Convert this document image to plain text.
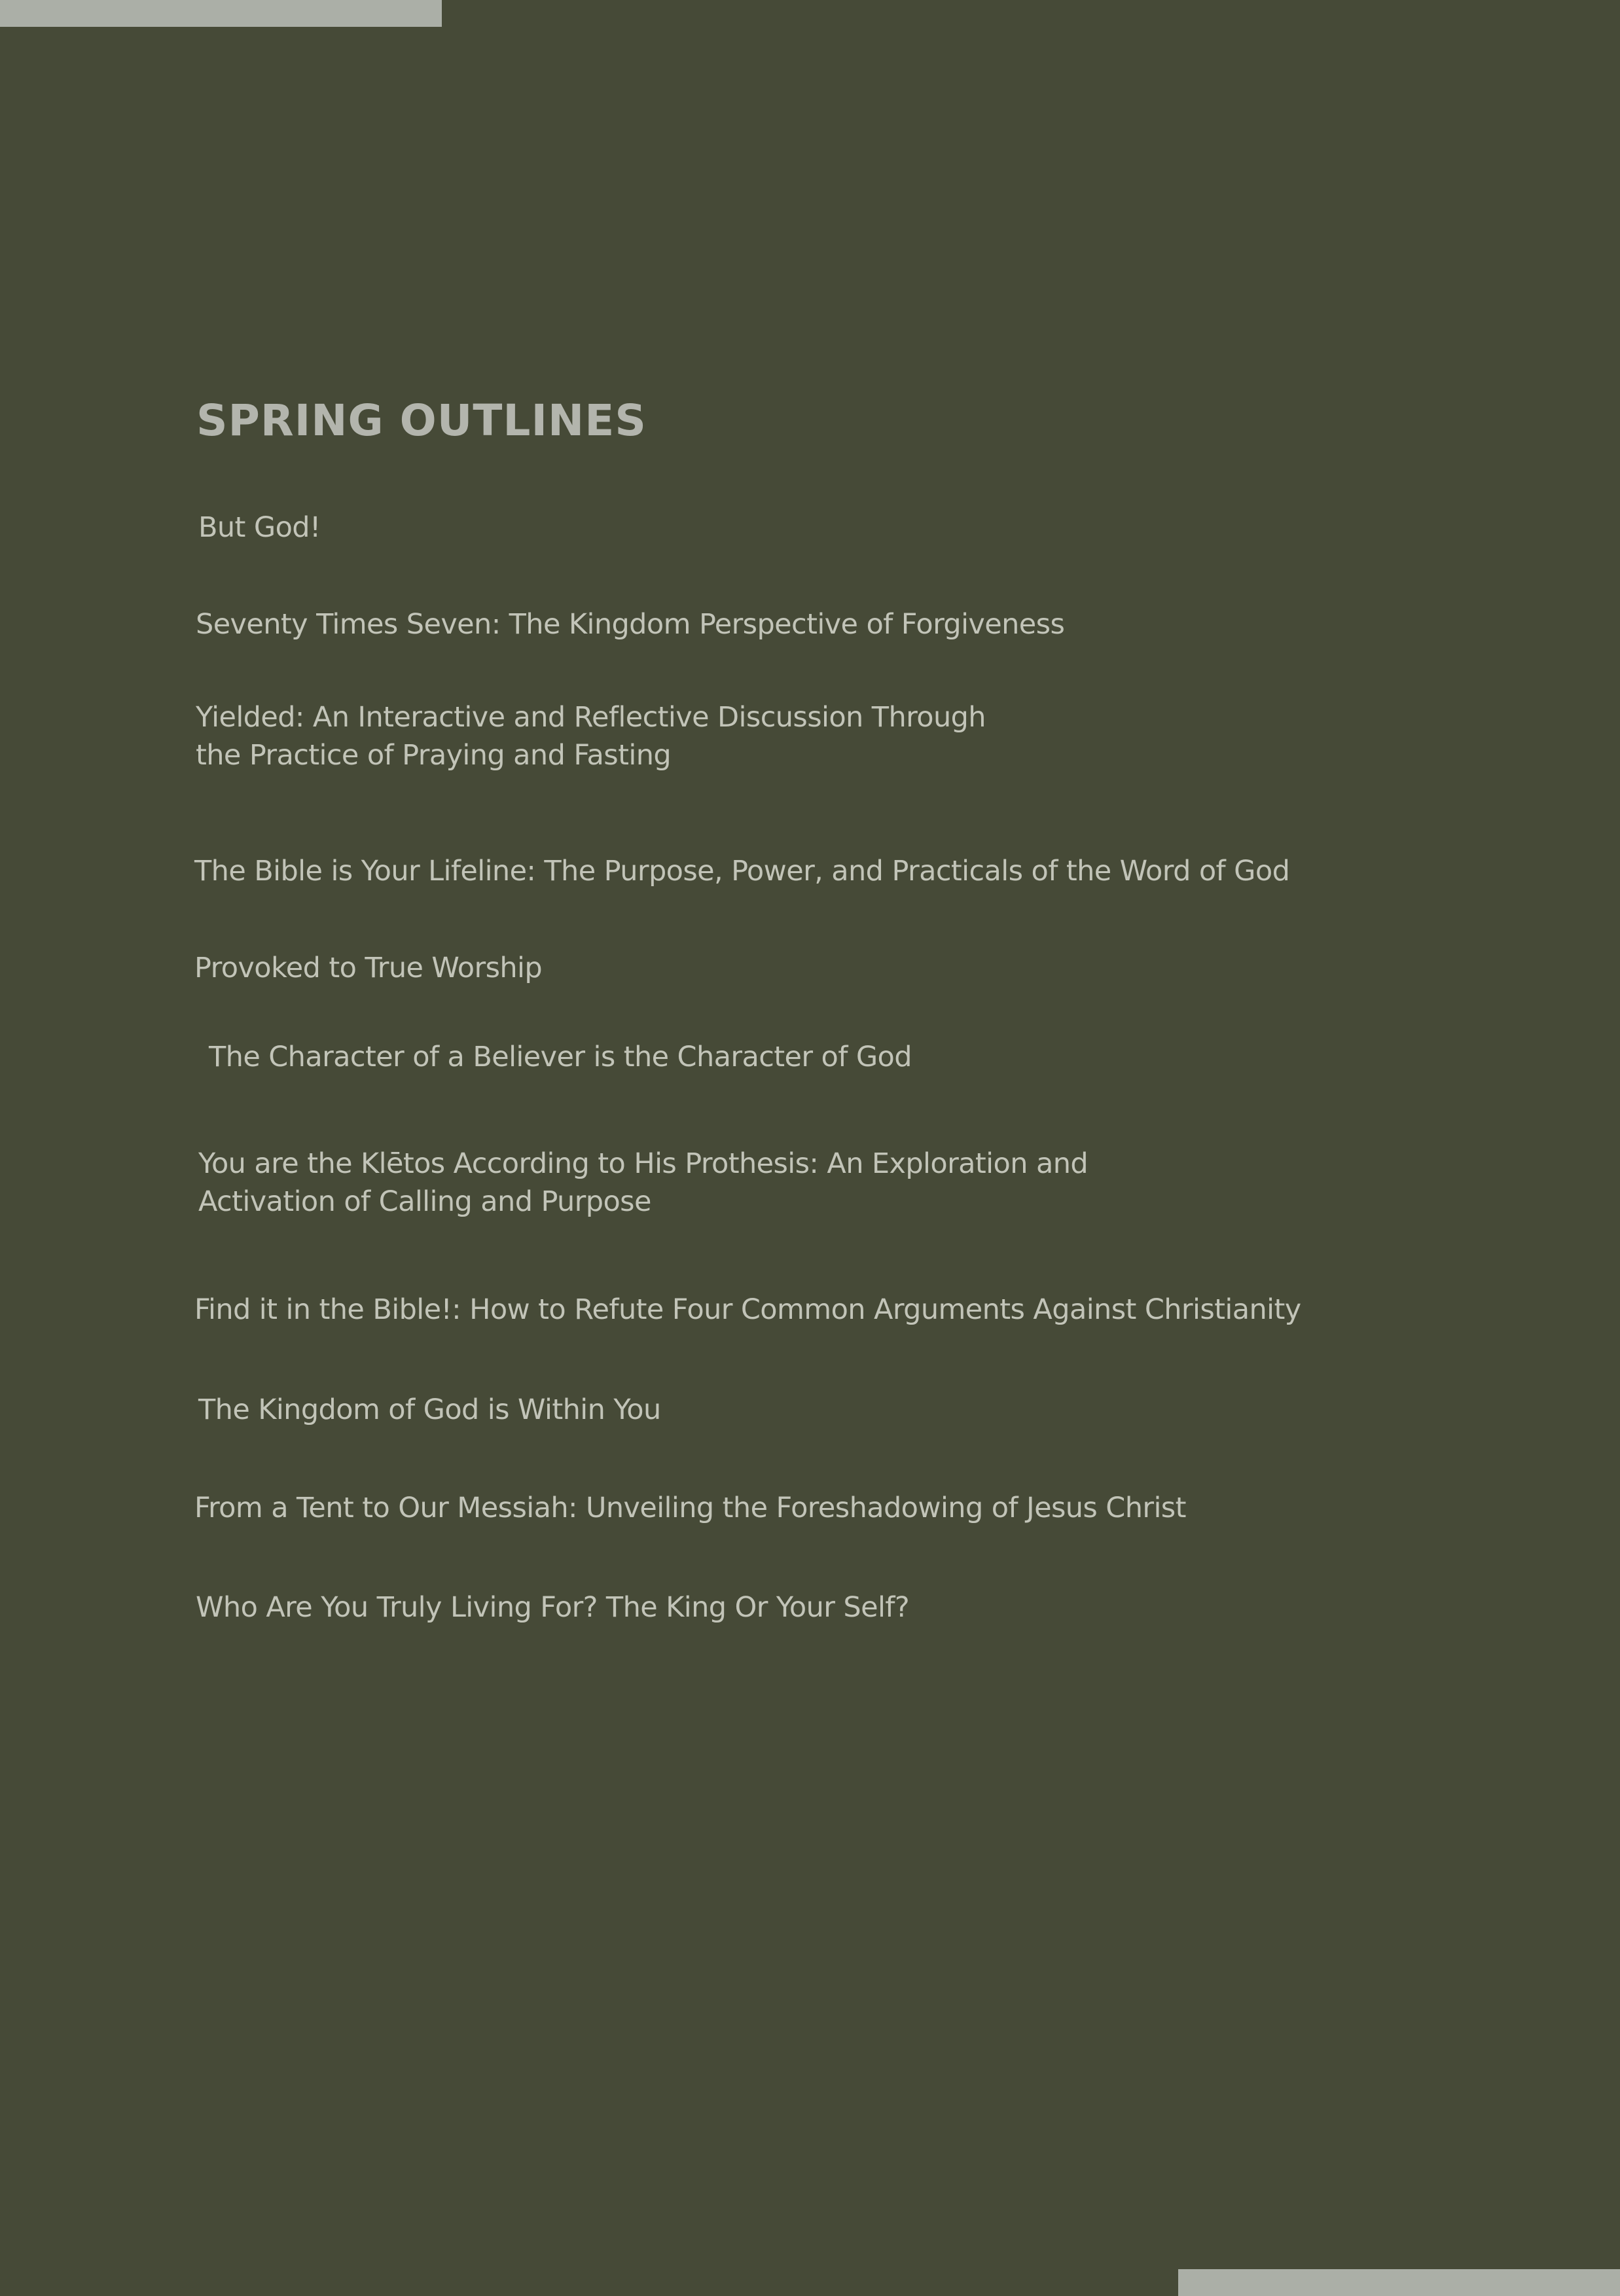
SPRING OUTLINES
But God!
Seventy Times Seven: The Kingdom Perspective of Forgiveness
Yielded: An Interactive and Reflective Discussion Through
the Practice of Praying and Fasting
The Bible is Your Lifeline: The Purpose, Power, and Practicals of the Word of God
Provoked to True Worship
The Character of a Believer is the Character of God
You are the Klētos According to His Prothesis: An Exploration and
Activation of Calling and Purpose
Find it in the Bible!: How to Refute Four Common Arguments Against Christianity
The Kingdom of God is Within You
From a Tent to Our Messiah: Unveiling the Foreshadowing of Jesus Christ
Who Are You Truly Living For? The King Or Your Self?
